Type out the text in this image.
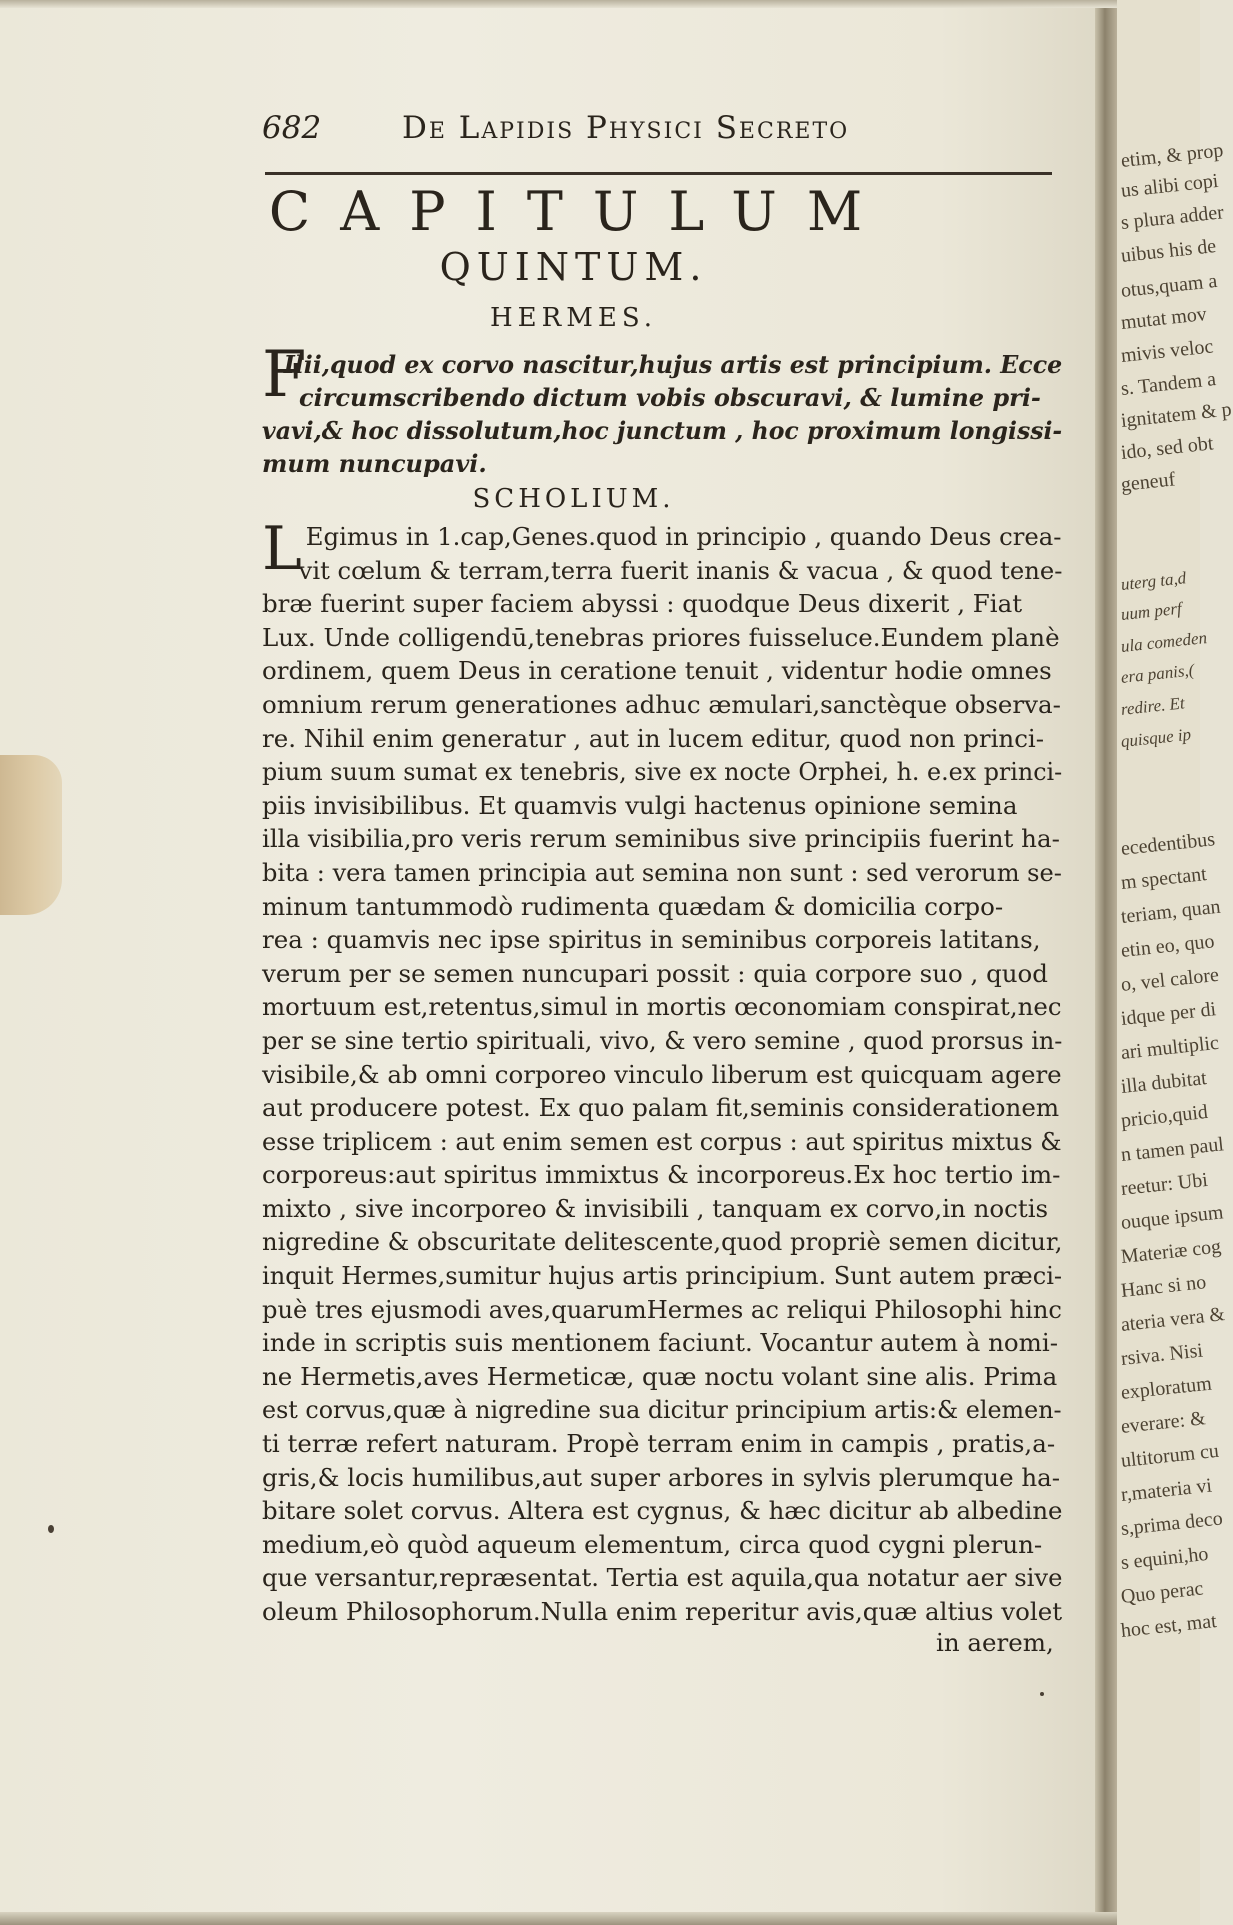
etim, & prop
us alibi copi
s plura adder
uibus his de
otus,quam a
mutat mov
mivis veloc
s. Tandem a
ignitatem & p
ido, sed obt
geneuf
uterg ta,d
uum perf
ula comeden
era panis,(
redire. Et
quisque ip
ecedentibus
m spectant
teriam, quan
etin eo, quo
o, vel calore
idque per di
ari multiplic
illa dubitat
pricio,quid
n tamen paul
reetur: Ubi
ouque ipsum
Materiæ cog
Hanc si no
ateria vera &
rsiva. Nisi
exploratum
everare: &
ultitorum cu
r,materia vi
s,prima deco
s equini,ho
Quo perac
hoc est, mat
682	De Lapidis Physici Secreto
CAPITULUM
QUINTUM.
HERMES.
F
Ilii,quod ex corvo nascitur,hujus artis est principium. Ecce
circumscribendo dictum vobis obscuravi, & lumine pri-
vavi,& hoc dissolutum,hoc junctum , hoc proximum longissi-
mum nuncupavi.
SCHOLIUM.
L Egimus in 1.cap,Genes.quod in principio , quando Deus crea-
vit cœlum & terram,terra fuerit inanis & vacua , & quod tene-
bræ fuerint super faciem abyssi : quodque Deus dixerit , Fiat
Lux. Unde colligendū,tenebras priores fuisseluce.Eundem planè
ordinem, quem Deus in ceratione tenuit , videntur hodie omnes
omnium rerum generationes adhuc æmulari,sanctèque observa-
re. Nihil enim generatur , aut in lucem editur, quod non princi-
pium suum sumat ex tenebris, sive ex nocte Orphei, h. e.ex princi-
piis invisibilibus. Et quamvis vulgi hactenus opinione semina
illa visibilia,pro veris rerum seminibus sive principiis fuerint ha-
bita : vera tamen principia aut semina non sunt : sed verorum se-
minum tantummodò rudimenta quædam & domicilia corpo-
rea : quamvis nec ipse spiritus in seminibus corporeis latitans,
verum per se semen nuncupari possit : quia corpore suo , quod
mortuum est,retentus,simul in mortis œconomiam conspirat,nec
per se sine tertio spirituali, vivo, & vero semine , quod prorsus in-
visibile,& ab omni corporeo vinculo liberum est quicquam agere
aut producere potest. Ex quo palam fit,seminis considerationem
esse triplicem : aut enim semen est corpus : aut spiritus mixtus &
corporeus:aut spiritus immixtus & incorporeus.Ex hoc tertio im-
mixto , sive incorporeo & invisibili , tanquam ex corvo,in noctis
nigredine & obscuritate delitescente,quod propriè semen dicitur,
inquit Hermes,sumitur hujus artis principium. Sunt autem præci-
puè tres ejusmodi aves,quarumHermes ac reliqui Philosophi hinc
inde in scriptis suis mentionem faciunt. Vocantur autem à nomi-
ne Hermetis,aves Hermeticæ, quæ noctu volant sine alis. Prima
est corvus,quæ à nigredine sua dicitur principium artis:& elemen-
ti terræ refert naturam. Propè terram enim in campis , pratis,a-
gris,& locis humilibus,aut super arbores in sylvis plerumque ha-
bitare solet corvus. Altera est cygnus, & hæc dicitur ab albedine
medium,eò quòd aqueum elementum, circa quod cygni plerun-
que versantur,repræsentat. Tertia est aquila,qua notatur aer sive
oleum Philosophorum.Nulla enim reperitur avis,quæ altius volet
in aerem,
